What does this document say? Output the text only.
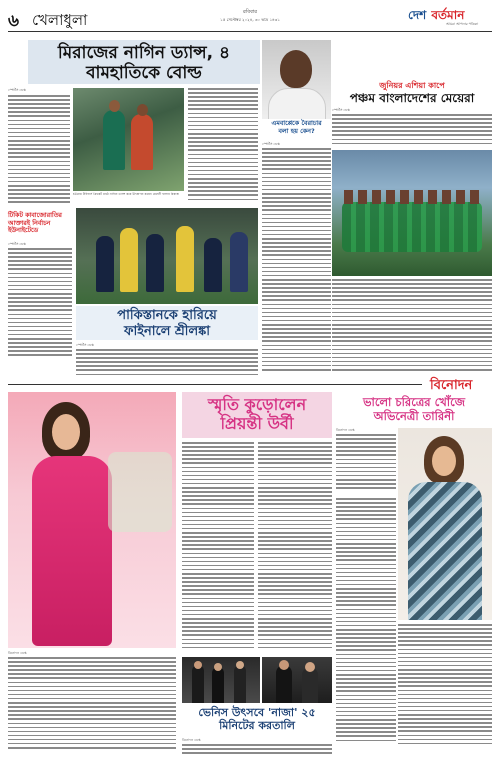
৬ খেলাধুলা	রবিবার
১৫ সেপ্টেম্বর ২০২৪, ৩০ ভাদ্র ১৪৩১	দেশ বর্তমান
আমরা আপনার পত্রিকা
মিরাজের নাগিন ড্যান্স, ৪
বামহাতিকে বোল্ড
স্পোর্টস ডেস্ক
চট্টগ্রাম টাইগার্স ক্রিকেট মাঠে নাগিন ড্যান্স করে উদযাপন করেন মেহেদী হাসান মিরাজ
টিকিট কাবাজোরাতির
আক্তারই নির্বাচন ইউনাইটেডে
স্পোর্টস ডেস্ক
পাকিস্তানকে হারিয়ে
ফাইনালে শ্রীলঙ্কা
স্পোর্টস ডেস্ক
এমবাপ্পেকে বৈরাচার
বলা হয় কেন?
স্পোর্টস ডেস্ক
জুনিয়র এশিয়া কাপে
পঞ্চম বাংলাদেশের মেয়েরা
স্পোর্টস ডেস্ক
বিনোদন
স্মৃতি কুড়োলেন
প্রিয়ন্তী উর্বী
বিনোদন ডেস্ক
ভালো চরিত্রের খোঁজে
অভিনেত্রী তারিনী
বিনোদন ডেস্ক
ভেনিস উৎসবে 'নাজা' ২৫
মিনিটের করতালি
বিনোদন ডেস্ক
